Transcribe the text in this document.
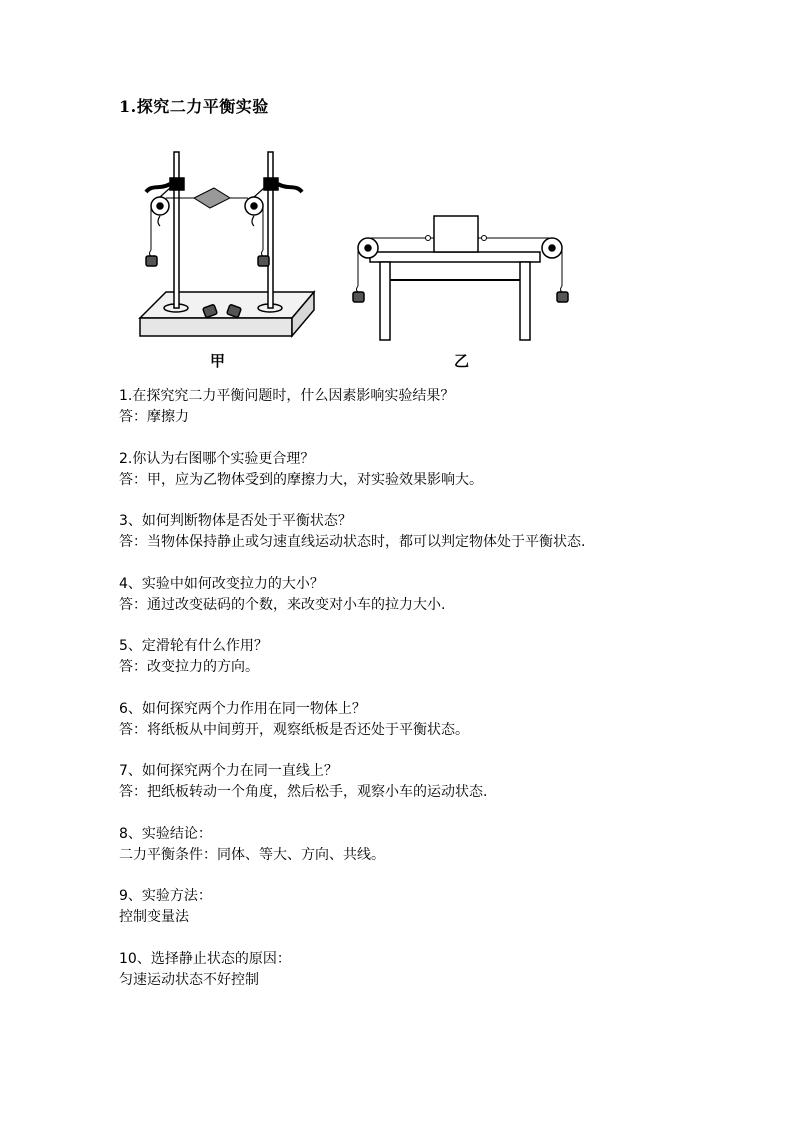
1.探究二力平衡实验
甲	乙
1.在探究究二力平衡问题时，什么因素影响实验结果？
答：摩擦力
2.你认为右图哪个实验更合理？
答：甲，应为乙物体受到的摩擦力大，对实验效果影响大。
3、如何判断物体是否处于平衡状态？
答：当物体保持静止或匀速直线运动状态时，都可以判定物体处于平衡状态.
4、实验中如何改变拉力的大小？
答：通过改变砝码的个数，来改变对小车的拉力大小.
5、定滑轮有什么作用？
答：改变拉力的方向。
6、如何探究两个力作用在同一物体上？
答：将纸板从中间剪开，观察纸板是否还处于平衡状态。
7、如何探究两个力在同一直线上？
答：把纸板转动一个角度，然后松手，观察小车的运动状态.
8、实验结论：
二力平衡条件：同体、等大、方向、共线。
9、实验方法：
控制变量法
10、选择静止状态的原因：
匀速运动状态不好控制
